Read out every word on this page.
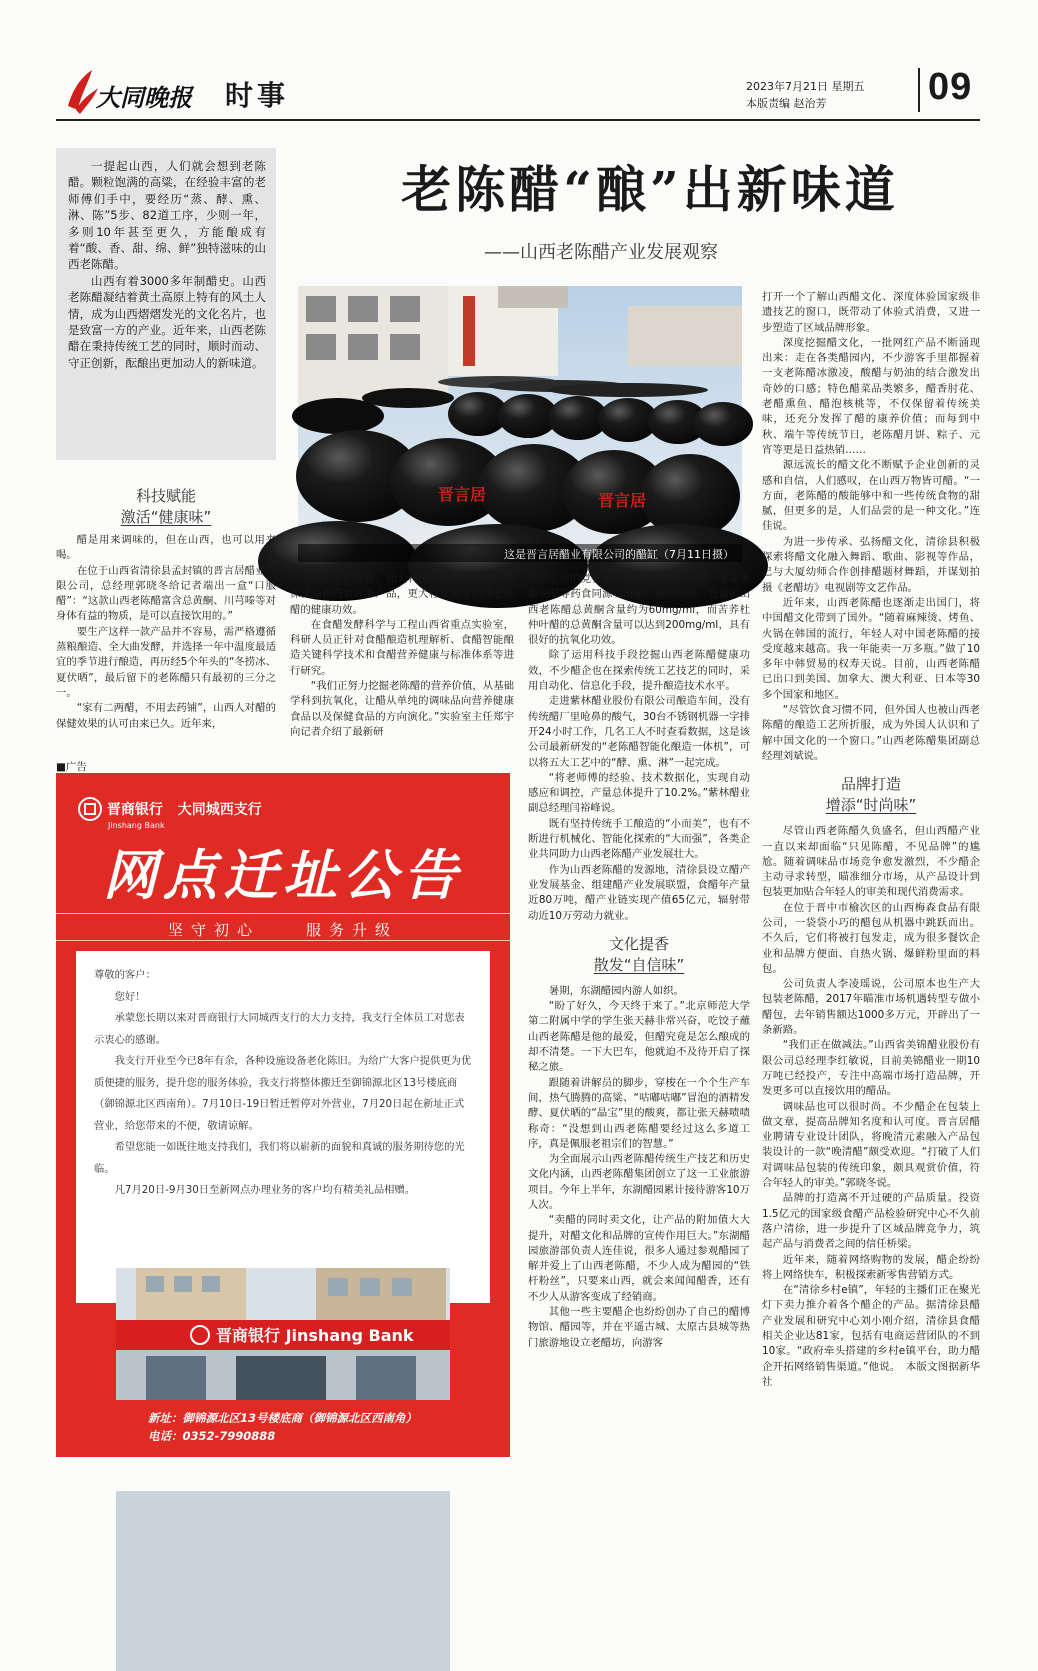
大同晚报 时事	2023年7月21日 星期五
本版责编 赵治芳	09

一提起山西，人们就会想到老陈醋。颗粒饱满的高粱，在经验丰富的老师傅们手中，要经历“蒸、酵、熏、淋、陈”5步、82道工序，少则一年，多则10年甚至更久，方能酿成有着“酸、香、甜、绵、鲜”独特滋味的山西老陈醋。

山西有着3000多年制醋史。山西老陈醋凝结着黄土高原上特有的风土人情，成为山西熠熠发光的文化名片，也是致富一方的产业。近年来，山西老陈醋在秉持传统工艺的同时，顺时而动、守正创新，酝酿出更加动人的新味道。

老陈醋“酿”出新味道
——山西老陈醋产业发展观察
晋言居	晋言居
这是晋言居醋业有限公司的醋缸（7月11日摄）
科技赋能
激活“健康味”

醋是用来调味的，但在山西，也可以用来喝。

在位于山西省清徐县孟封镇的晋言居醋业有限公司，总经理郭晓冬给记者端出一盒“口服醋”：“这款山西老陈醋富含总黄酮、川芎嗪等对身体有益的物质，是可以直接饮用的。”

要生产这样一款产品并不容易，需严格遵循蒸粮酿造、全大曲发酵，并选择一年中温度最适宜的季节进行酿造，再历经5个年头的“冬捞冰、夏伏晒”，最后留下的老陈醋只有最初的三分之一。

“家有二两醋，不用去药铺”，山西人对醋的保健效果的认可由来已久。近年来，

一些醋企开拓思路，加大科研投入，陆续推出醋保健品和药食同源产品，更大程度激发山西老陈醋的健康功效。

在食醋发酵科学与工程山西省重点实验室，科研人员正针对食醋酿造机理解析、食醋智能酿造关键科学技术和食醋营养健康与标准体系等进行研究。

“我们正努力挖掘老陈醋的营养价值，从基础学科到抗氧化，让醋从单纯的调味品向营养健康食品以及保健食品的方向演化。”实验室主任郑宇向记者介绍了最新研

发并上市的党参黄芪醋、苦荞杜仲叶醋、枣花蜜葡萄醋等药食同源功能醋。他举例说，普通的山西老陈醋总黄酮含量约为60mg/ml，而苦荞杜仲叶醋的总黄酮含量可以达到200mg/ml，具有很好的抗氧化功效。

除了运用科技手段挖掘山西老陈醋健康功效，不少醋企也在探索传统工艺技艺的同时，采用自动化、信息化手段，提升酿造技术水平。

走进紫林醋业股份有限公司酿造车间，没有传统醋厂里呛鼻的酸气，30台不锈钢机器一字排开24小时工作，几名工人不时查看数据，这是该公司最新研发的“老陈醋智能化酿造一体机”，可以将五大工艺中的“酵、熏、淋”一起完成。

“将老师傅的经验、技术数据化，实现自动感应和调控，产量总体提升了10.2%。”紫林醋业副总经理闫裕峰说。

既有坚持传统手工酿造的“小而美”，也有不断进行机械化、智能化探索的“大而强”，各类企业共同助力山西老陈醋产业发展壮大。

作为山西老陈醋的发源地，清徐县设立醋产业发展基金、组建醋产业发展联盟，食醋年产量近80万吨，醋产业链实现产值65亿元，辐射带动近10万劳动力就业。

文化提香
散发“自信味”

暑期，东湖醋园内游人如织。

“盼了好久，今天终于来了。”北京师范大学第二附属中学的学生张天赫非常兴奋，吃饺子蘸山西老陈醋是他的最爱，但醋究竟是怎么酿成的却不清楚。一下大巴车，他就迫不及待开启了探秘之旅。

跟随着讲解员的脚步，穿梭在一个个生产车间，热气腾腾的高粱、“咕嘟咕嘟”冒泡的酒精发酵、夏伏晒的“晶宝”里的酸爽，都让张天赫啧啧称奇：“没想到山西老陈醋要经过这么多道工序，真是佩服老祖宗们的智慧。”

为全面展示山西老陈醋传统生产技艺和历史文化内涵，山西老陈醋集团创立了这一工业旅游项目。今年上半年，东湖醋园累计接待游客10万人次。

“卖醋的同时卖文化，让产品的附加值大大提升，对醋文化和品牌的宣传作用巨大。”东湖醋园旅游部负责人连佳说，很多人通过参观醋园了解并爱上了山西老陈醋，不少人成为醋园的“铁杆粉丝”，只要来山西，就会来闻闻醋香，还有不少人从游客变成了经销商。

其他一些主要醋企也纷纷创办了自己的醋博物馆、醋园等，并在平遥古城、太原古县城等热门旅游地设立老醋坊，向游客

打开一个了解山西醋文化、深度体验国家级非遗技艺的窗口，既带动了体验式消费，又进一步塑造了区域品牌形象。

深度挖掘醋文化，一批网红产品不断涌现出来：走在各类醋园内，不少游客手里都握着一支老陈醋冰激凌，酸醋与奶油的结合激发出奇妙的口感；特色醋菜品类繁多，醋香肘花、老醋熏鱼、醋泡核桃等，不仅保留着传统美味，还充分发挥了醋的康养价值；而每到中秋、端午等传统节日，老陈醋月饼、粽子、元宵等更是日益热销……

源远流长的醋文化不断赋予企业创新的灵感和自信，人们感叹，在山西万物皆可醋。“一方面，老陈醋的酸能够中和一些传统食物的甜腻，但更多的是，人们品尝的是一种文化。”连佳说。

为进一步传承、弘扬醋文化，清徐县积极探索将醋文化融入舞蹈、歌曲、影视等作品，已与大厦幼师合作创排醋题材舞蹈，并谋划拍摄《老醋坊》电视剧等文艺作品。

近年来，山西老陈醋也逐渐走出国门，将中国醋文化带到了国外。“随着麻辣烫、烤鱼、火锅在韩国的流行，年轻人对中国老陈醋的接受度越来越高。我一年能卖一万多瓶。”做了10多年中韩贸易的权寿天说。目前，山西老陈醋已出口到美国、加拿大、澳大利亚、日本等30多个国家和地区。

“尽管饮食习惯不同，但外国人也被山西老陈醋的酿造工艺所折服，成为外国人认识和了解中国文化的一个窗口。”山西老陈醋集团副总经理刘斌说。

品牌打造
增添“时尚味”

尽管山西老陈醋久负盛名，但山西醋产业一直以来却面临“只见陈醋，不见品牌”的尴尬。随着调味品市场竞争愈发激烈，不少醋企主动寻求转型，瞄准细分市场，从产品设计到包装更加贴合年轻人的审美和现代消费需求。

在位于晋中市榆次区的山西梅森食品有限公司，一袋袋小巧的醋包从机器中跳跃而出。不久后，它们将被打包发走，成为很多餐饮企业和品牌方便面、自热火锅、爆鲜粉里面的料包。

公司负责人李凌瑶说，公司原本也生产大包装老陈醋，2017年瞄准市场机遇转型专做小醋包，去年销售额达1000多万元，开辟出了一条新路。

“我们正在做减法。”山西省美锦醋业股份有限公司总经理李红敏说，目前美锦醋业一期10万吨已经投产，专注中高端市场打造品牌，开发更多可以直接饮用的醋品。

调味品也可以很时尚。不少醋企在包装上做文章，提高品牌知名度和认可度。晋言居醋业聘请专业设计团队，将晚清元素融入产品包装设计的一款“晚清醋”颇受欢迎。“打破了人们对调味品包装的传统印象，颇具观赏价值，符合年轻人的审美。”郭晓冬说。

品牌的打造离不开过硬的产品质量。投资1.5亿元的国家级食醋产品检验研究中心不久前落户清徐，进一步提升了区域品牌竞争力，筑起产品与消费者之间的信任桥梁。

近年来，随着网络购物的发展，醋企纷纷将上网络快车，积极探索新零售营销方式。

在“清徐乡村e镇”，年轻的主播们正在聚光灯下卖力推介着各个醋企的产品。据清徐县醋产业发展和研究中心刘小刚介绍，清徐县食醋相关企业达81家，包括有电商运营团队的不到10家。“政府牵头搭建的乡村e镇平台，助力醋企开拓网络销售渠道。”他说。　本版文图据新华社

■广告
晋商银行 大同城西支行
Jinshang Bank
网点迁址公告
坚守初心　　服务升级

尊敬的客户：

您好！

承蒙您长期以来对晋商银行大同城西支行的大力支持，我支行全体员工对您表示衷心的感谢。

我支行开业至今已8年有余，各种设施设备老化陈旧。为给广大客户提供更为优质便捷的服务，提升您的服务体验，我支行将整体搬迁至御锦源北区13号楼底商（御锦源北区西南角）。7月10日-19日暂迁暂停对外营业，7月20日起在新址正式营业，给您带来的不便，敬请谅解。

希望您能一如既往地支持我们，我们将以崭新的面貌和真诚的服务期待您的光临。

凡7月20日-9月30日至新网点办理业务的客户均有精美礼品相赠。

晋商银行 Jinshang Bank
新址：御锦源北区13号楼底商（御锦源北区西南角）
电话：0352-7990888
